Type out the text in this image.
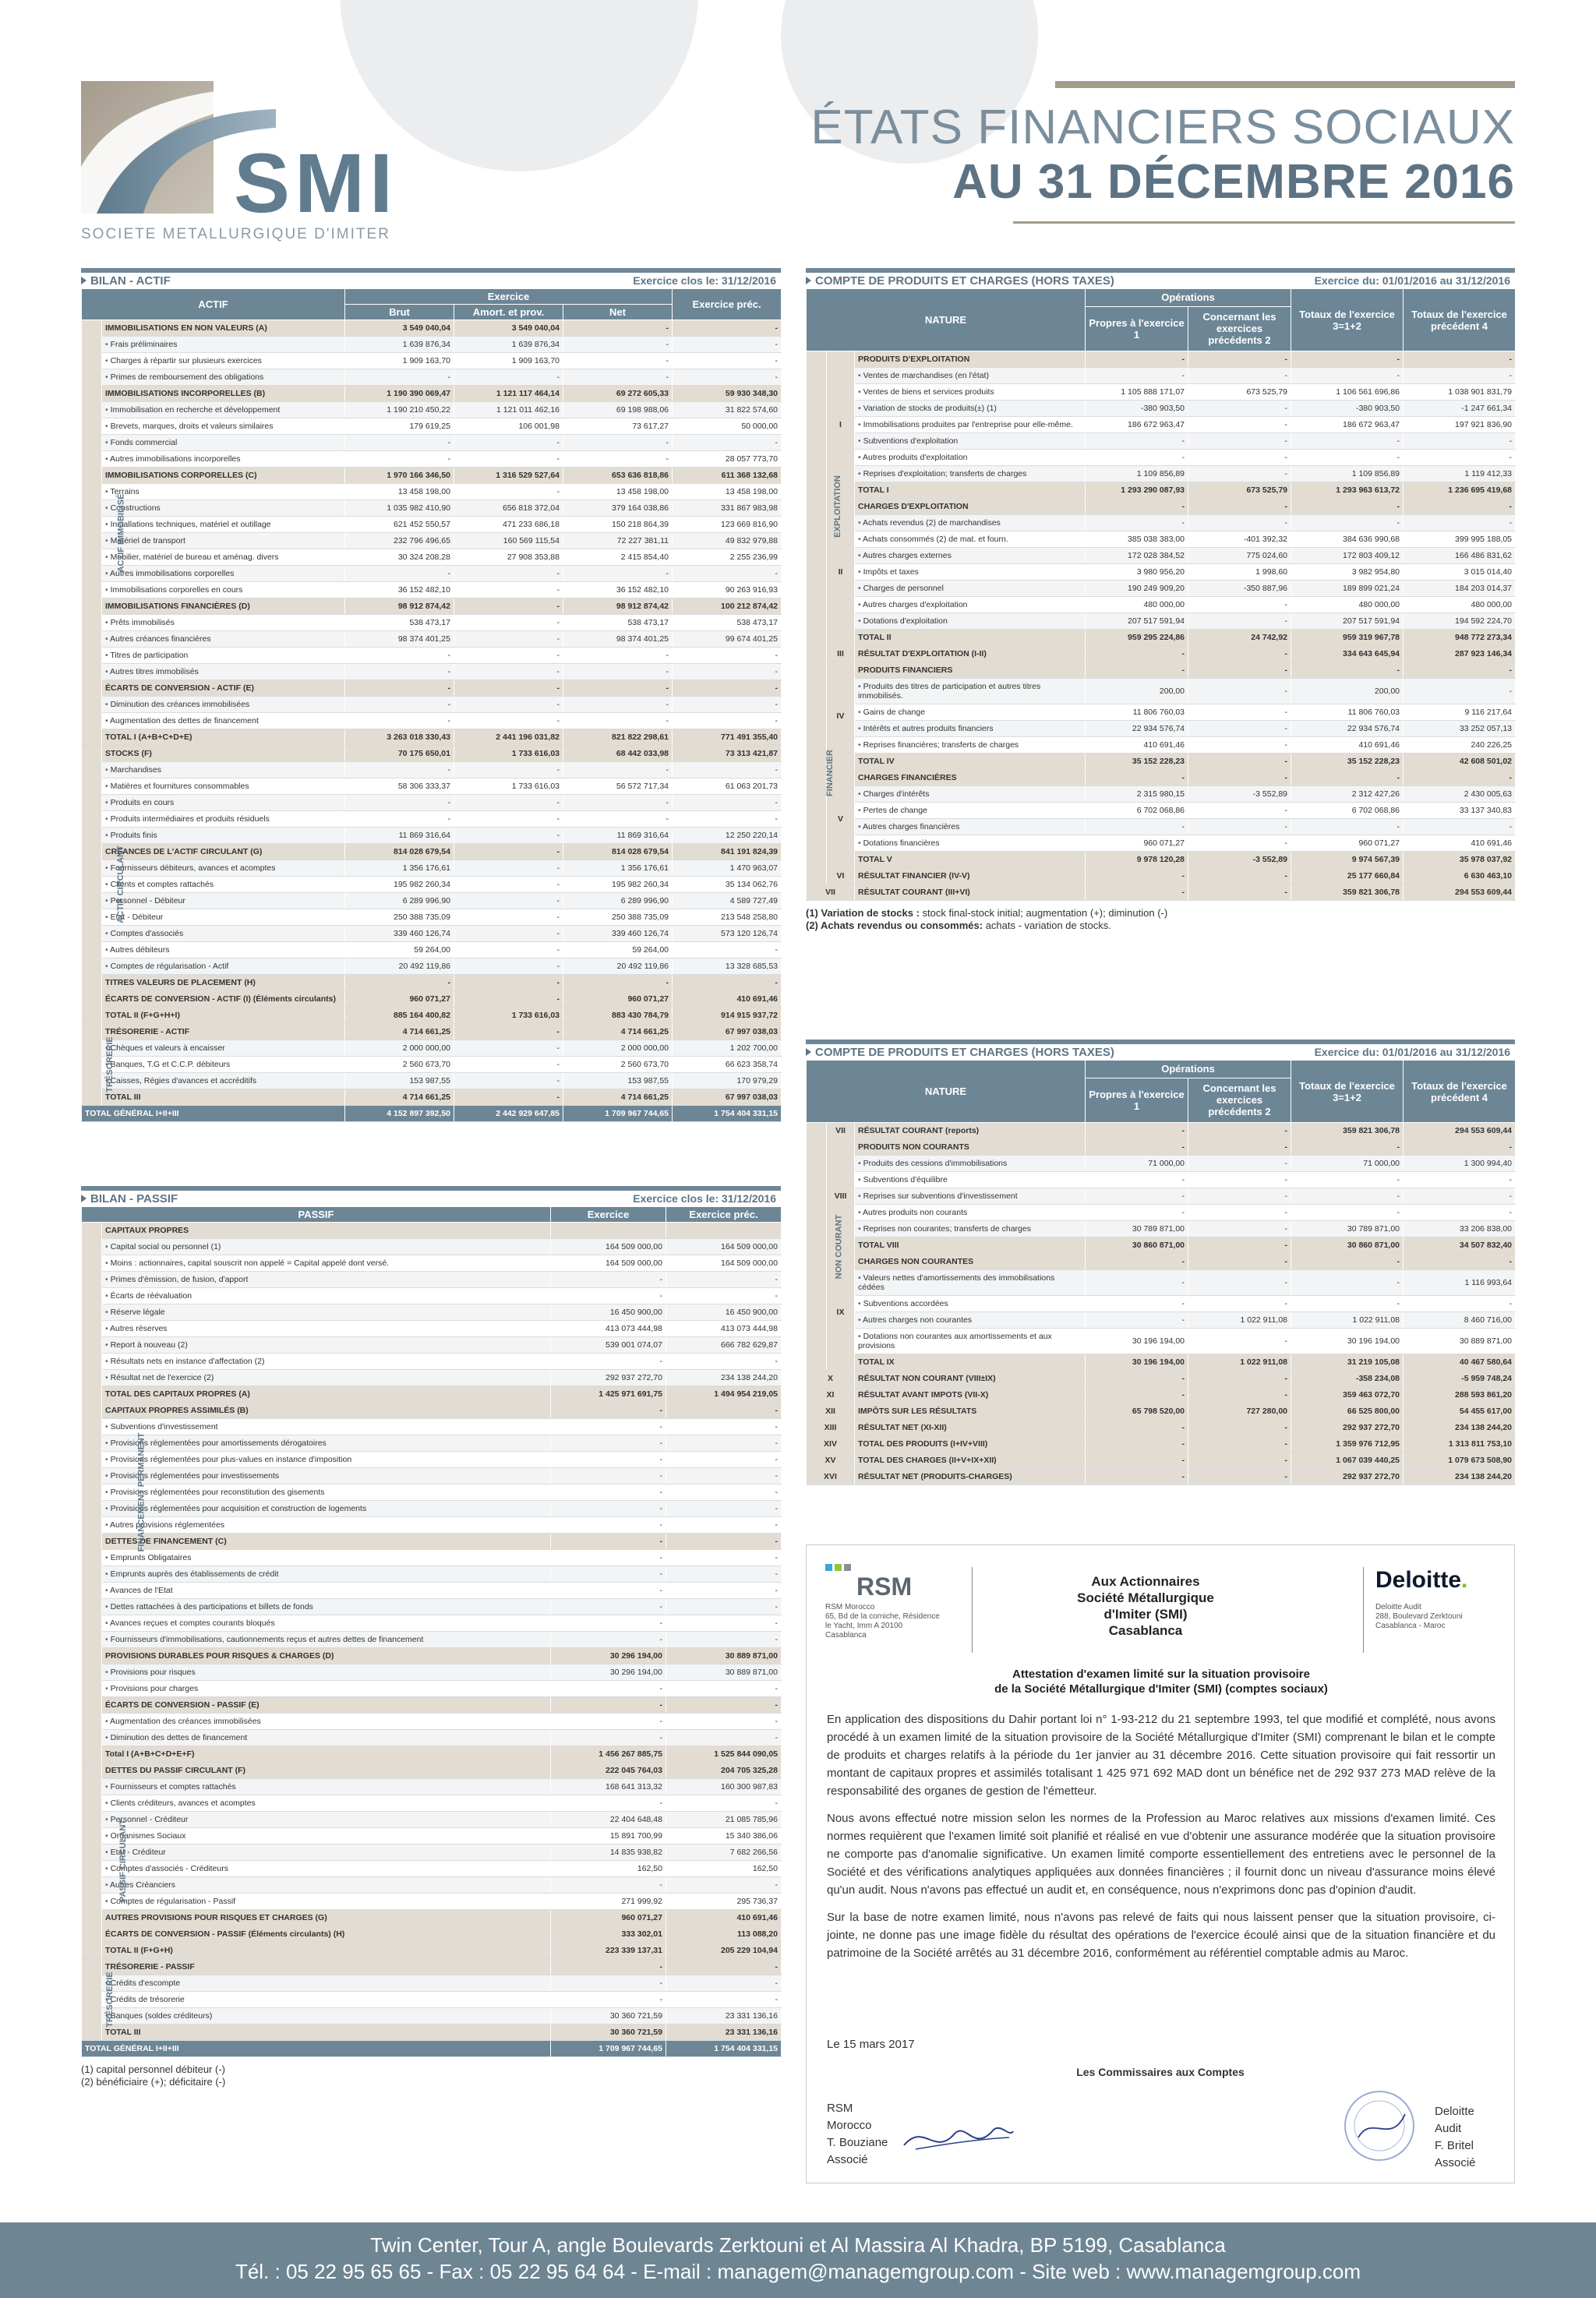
SMI
SOCIETE METALLURGIQUE D'IMITER
ÉTATS FINANCIERS SOCIAUX
AU 31 DÉCEMBRE 2016
BILAN - ACTIF	Exercice clos le: 31/12/2016
ACTIF		Exercice			Exercice préc.
		Brut	Amort. et prov.	Net	
ACTIF IMMOBILISÉ	IMMOBILISATIONS EN NON VALEURS (A)	3 549 040,04	3 549 040,04	-	-
	• Frais préliminaires	1 639 876,34	1 639 876,34	-	-
	• Charges à répartir sur plusieurs exercices	1 909 163,70	1 909 163,70	-	-
	• Primes de remboursement des obligations	-	-	-	-
	IMMOBILISATIONS INCORPORELLES (B)	1 190 390 069,47	1 121 117 464,14	69 272 605,33	59 930 348,30
	• Immobilisation en recherche et développement	1 190 210 450,22	1 121 011 462,16	69 198 988,06	31 822 574,60
	• Brevets, marques, droits et valeurs similaires	179 619,25	106 001,98	73 617,27	50 000,00
	• Fonds commercial	-	-	-	-
	• Autres immobilisations incorporelles	-	-	-	28 057 773,70
	IMMOBILISATIONS CORPORELLES (C)	1 970 166 346,50	1 316 529 527,64	653 636 818,86	611 368 132,68
	• Terrains	13 458 198,00	-	13 458 198,00	13 458 198,00
	• Constructions	1 035 982 410,90	656 818 372,04	379 164 038,86	331 867 983,98
	• Installations techniques, matériel et outillage	621 452 550,57	471 233 686,18	150 218 864,39	123 669 816,90
	• Matériel de transport	232 796 496,65	160 569 115,54	72 227 381,11	49 832 979,88
	• Mobilier, matériel de bureau et aménag. divers	30 324 208,28	27 908 353,88	2 415 854,40	2 255 236,99
	• Autres immobilisations corporelles	-	-	-	-
	• Immobilisations corporelles en cours	36 152 482,10	-	36 152 482,10	90 263 916,93
	IMMOBILISATIONS FINANCIÈRES (D)	98 912 874,42	-	98 912 874,42	100 212 874,42
	• Prêts immobilisés	538 473,17	-	538 473,17	538 473,17
	• Autres créances financières	98 374 401,25	-	98 374 401,25	99 674 401,25
	• Titres de participation	-	-	-	-
	• Autres titres immobilisés	-	-	-	-
	ÉCARTS DE CONVERSION - ACTIF (E)	-	-	-	-
	• Diminution des créances immobilisées	-	-	-	-
	• Augmentation des dettes de financement	-	-	-	-
	TOTAL I (A+B+C+D+E)	3 263 018 330,43	2 441 196 031,82	821 822 298,61	771 491 355,40
ACTIF CIRCULANT	STOCKS (F)	70 175 650,01	1 733 616,03	68 442 033,98	73 313 421,87
	• Marchandises	-	-	-	-
	• Matières et fournitures consommables	58 306 333,37	1 733 616,03	56 572 717,34	61 063 201,73
	• Produits en cours	-	-	-	-
	• Produits intermédiaires et produits résiduels	-	-	-	-
	• Produits finis	11 869 316,64	-	11 869 316,64	12 250 220,14
	CRÉANCES DE L'ACTIF CIRCULANT (G)	814 028 679,54	-	814 028 679,54	841 191 824,39
	• Fournisseurs débiteurs, avances et acomptes	1 356 176,61	-	1 356 176,61	1 470 963,07
	• Clients et comptes rattachés	195 982 260,34	-	195 982 260,34	35 134 062,76
	• Personnel - Débiteur	6 289 996,90	-	6 289 996,90	4 589 727,49
	• Etat - Débiteur	250 388 735,09	-	250 388 735,09	213 548 258,80
	• Comptes d'associés	339 460 126,74	-	339 460 126,74	573 120 126,74
	• Autres débiteurs	59 264,00	-	59 264,00	-
	• Comptes de régularisation - Actif	20 492 119,86	-	20 492 119,86	13 328 685,53
	TITRES VALEURS DE PLACEMENT (H)	-	-	-	-
	ÉCARTS DE CONVERSION - ACTIF (I) (Éléments circulants)	960 071,27	-	960 071,27	410 691,46
	TOTAL II (F+G+H+I)	885 164 400,82	1 733 616,03	883 430 784,79	914 915 937,72
TRÉSORERIE	TRÉSORERIE - ACTIF	4 714 661,25	-	4 714 661,25	67 997 038,03
	• Chèques et valeurs à encaisser	2 000 000,00	-	2 000 000,00	1 202 700,00
	• Banques, T.G et C.C.P. débiteurs	2 560 673,70	-	2 560 673,70	66 623 358,74
	• Caisses, Régies d'avances et accréditifs	153 987,55	-	153 987,55	170 979,29
	TOTAL III	4 714 661,25	-	4 714 661,25	67 997 038,03
TOTAL GÉNÉRAL I+II+III		4 152 897 392,50	2 442 929 647,85	1 709 967 744,65	1 754 404 331,15
BILAN - PASSIF	Exercice clos le: 31/12/2016
PASSIF		Exercice	Exercice préc.
FINANCEMENT PERMANENT	CAPITAUX PROPRES		
	• Capital social ou personnel (1)	164 509 000,00	164 509 000,00
	• Moins : actionnaires, capital souscrit non appelé = Capital appelé dont versé.	164 509 000,00	164 509 000,00
	• Primes d'émission, de fusion, d'apport	-	-
	• Écarts de réévaluation	-	-
	• Réserve légale	16 450 900,00	16 450 900,00
	• Autres réserves	413 073 444,98	413 073 444,98
	• Report à nouveau (2)	539 001 074,07	666 782 629,87
	• Résultats nets en instance d'affectation (2)	-	-
	• Résultat net de l'exercice (2)	292 937 272,70	234 138 244,20
	TOTAL DES CAPITAUX PROPRES (A)	1 425 971 691,75	1 494 954 219,05
	CAPITAUX PROPRES ASSIMILÉS (B)	-	-
	• Subventions d'investissement	-	-
	• Provisions réglementées pour amortissements dérogatoires	-	-
	• Provisions réglementées pour plus-values en instance d'imposition	-	-
	• Provisions réglementées pour investissements	-	-
	• Provisions réglementées pour reconstitution des gisements	-	-
	• Provisions réglementées pour acquisition et construction de logements	-	-
	• Autres provisions réglementées	-	-
	DETTES DE FINANCEMENT (C)	-	-
	• Emprunts Obligataires	-	-
	• Emprunts auprès des établissements de crédit	-	-
	• Avances de l'Etat	-	-
	• Dettes rattachées à des participations et billets de fonds	-	-
	• Avances reçues et comptes courants bloqués	-	-
	• Fournisseurs d'immobilisations, cautionnements reçus et autres dettes de financement	-	-
	PROVISIONS DURABLES POUR RISQUES & CHARGES (D)	30 296 194,00	30 889 871,00
	• Provisions pour risques	30 296 194,00	30 889 871,00
	• Provisions pour charges	-	-
	ÉCARTS DE CONVERSION - PASSIF (E)	-	-
	• Augmentation des créances immobilisées	-	-
	• Diminution des dettes de financement	-	-
	Total I (A+B+C+D+E+F)	1 456 267 885,75	1 525 844 090,05
PASSIF CIRCULANT	DETTES DU PASSIF CIRCULANT (F)	222 045 764,03	204 705 325,28
	• Fournisseurs et comptes rattachés	168 641 313,32	160 300 987,83
	• Clients créditeurs, avances et acomptes	-	-
	• Personnel - Créditeur	22 404 648,48	21 085 785,96
	• Organismes Sociaux	15 891 700,99	15 340 386,06
	• Etat - Créditeur	14 835 938,82	7 682 266,56
	• Comptes d'associés - Créditeurs	162,50	162,50
	• Autres Créanciers	-	-
	• Comptes de régularisation - Passif	271 999,92	295 736,37
	AUTRES PROVISIONS POUR RISQUES ET CHARGES (G)	960 071,27	410 691,46
	ÉCARTS DE CONVERSION - PASSIF (Éléments circulants) (H)	333 302,01	113 088,20
	TOTAL II (F+G+H)	223 339 137,31	205 229 104,94
TRÉSORERIE	TRÉSORERIE - PASSIF	-	-
	• Crédits d'escompte	-	-
	• Crédits de trésorerie	-	-
	• Banques (soldes créditeurs)	30 360 721,59	23 331 136,16
	TOTAL III	30 360 721,59	23 331 136,16
TOTAL GÉNÉRAL I+II+III		1 709 967 744,65	1 754 404 331,15
(1) capital personnel débiteur (-)
(2) bénéficiaire (+); déficitaire (-)
COMPTE DE PRODUITS ET CHARGES (HORS TAXES)	Exercice du: 01/01/2016 au 31/12/2016
NATURE			Opérations		Totaux de l'exercice 3=1+2	Totaux de l'exercice précédent 4
			Propres à l'exercice 1	Concernant les exercices précédents 2		
EXPLOITATION	I	PRODUITS D'EXPLOITATION	-	-	-	-
		• Ventes de marchandises (en l'état)	-	-	-	-
		• Ventes de biens et services produits	1 105 888 171,07	673 525,79	1 106 561 696,86	1 038 901 831,79
		• Variation de stocks de produits(±) (1)	-380 903,50	-	-380 903,50	-1 247 661,34
		• Immobilisations produites par l'entreprise pour elle-même.	186 672 963,47	-	186 672 963,47	197 921 836,90
		• Subventions d'exploitation	-	-	-	-
		• Autres produits d'exploitation	-	-	-	-
		• Reprises d'exploitation; transferts de charges	1 109 856,89	-	1 109 856,89	1 119 412,33
		TOTAL I	1 293 290 087,93	673 525,79	1 293 963 613,72	1 236 695 419,68
	II	CHARGES D'EXPLOITATION	-	-	-	-
		• Achats revendus (2) de marchandises	-	-	-	-
		• Achats consommés (2) de mat. et fourn.	385 038 383,00	-401 392,32	384 636 990,68	399 995 188,05
		• Autres charges externes	172 028 384,52	775 024,60	172 803 409,12	166 486 831,62
		• Impôts et taxes	3 980 956,20	1 998,60	3 982 954,80	3 015 014,40
		• Charges de personnel	190 249 909,20	-350 887,96	189 899 021,24	184 203 014,37
		• Autres charges d'exploitation	480 000,00	-	480 000,00	480 000,00
		• Dotations d'exploitation	207 517 591,94	-	207 517 591,94	194 592 224,70
		TOTAL II	959 295 224,86	24 742,92	959 319 967,78	948 772 273,34
	III	RÉSULTAT D'EXPLOITATION (I-II)	-	-	334 643 645,94	287 923 146,34
FINANCIER	IV	PRODUITS FINANCIERS	-	-	-	-
		• Produits des titres de participation et autres titres immobilisés.	200,00	-	200,00	-
		• Gains de change	11 806 760,03	-	11 806 760,03	9 116 217,64
		• Intérêts et autres produits financiers	22 934 576,74	-	22 934 576,74	33 252 057,13
		• Reprises financières; transferts de charges	410 691,46	-	410 691,46	240 226,25
		TOTAL IV	35 152 228,23	-	35 152 228,23	42 608 501,02
	V	CHARGES FINANCIÈRES	-	-	-	-
		• Charges d'intérêts	2 315 980,15	-3 552,89	2 312 427,26	2 430 005,63
		• Pertes de change	6 702 068,86	-	6 702 068,86	33 137 340,83
		• Autres charges financières	-	-	-	-
		• Dotations financières	960 071,27	-	960 071,27	410 691,46
		TOTAL V	9 978 120,28	-3 552,89	9 974 567,39	35 978 037,92
	VI	RÉSULTAT FINANCIER (IV-V)	-	-	25 177 660,84	6 630 463,10
VII		RÉSULTAT COURANT (III+VI)	-	-	359 821 306,78	294 553 609,44
(1) Variation de stocks : stock final-stock initial; augmentation (+); diminution (-)
(2) Achats revendus ou consommés: achats - variation de stocks.
COMPTE DE PRODUITS ET CHARGES (HORS TAXES)	Exercice du: 01/01/2016 au 31/12/2016
NATURE			Opérations		Totaux de l'exercice 3=1+2	Totaux de l'exercice précédent 4
			Propres à l'exercice 1	Concernant les exercices précédents 2		
NON COURANT	VII	RÉSULTAT COURANT (reports)	-	-	359 821 306,78	294 553 609,44
	VIII	PRODUITS NON COURANTS	-	-	-	-
		• Produits des cessions d'immobilisations	71 000,00	-	71 000,00	1 300 994,40
		• Subventions d'équilibre	-	-	-	-
		• Reprises sur subventions d'investissement	-	-	-	-
		• Autres produits non courants	-	-	-	-
		• Reprises non courantes; transferts de charges	30 789 871,00	-	30 789 871,00	33 206 838,00
		TOTAL VIII	30 860 871,00	-	30 860 871,00	34 507 832,40
	IX	CHARGES NON COURANTES	-	-	-	-
		• Valeurs nettes d'amortissements des immobilisations cédées	-	-	-	1 116 993,64
		• Subventions accordées	-	-	-	-
		• Autres charges non courantes	-	1 022 911,08	1 022 911,08	8 460 716,00
		• Dotations non courantes aux amortissements et aux provisions	30 196 194,00	-	30 196 194,00	30 889 871,00
		TOTAL IX	30 196 194,00	1 022 911,08	31 219 105,08	40 467 580,64
X		RÉSULTAT NON COURANT (VIII±IX)	-	-	-358 234,08	-5 959 748,24
XI		RÉSULTAT AVANT IMPOTS (VII-X)	-	-	359 463 072,70	288 593 861,20
XII		IMPÔTS SUR LES RÉSULTATS	65 798 520,00	727 280,00	66 525 800,00	54 455 617,00
XIII		RÉSULTAT NET (XI-XII)	-	-	292 937 272,70	234 138 244,20
XIV		TOTAL DES PRODUITS (I+IV+VIII)	-	-	1 359 976 712,95	1 313 811 753,10
XV		TOTAL DES CHARGES (II+V+IX+XII)	-	-	1 067 039 440,25	1 079 673 508,90
XVI		RÉSULTAT NET (PRODUITS-CHARGES)	-	-	292 937 272,70	234 138 244,20
RSM
RSM Morocco
65, Bd de la corniche, Résidence
le Yacht, Imm A 20100
Casablanca
Aux Actionnaires
Société Métallurgique
d'Imiter (SMI)
Casablanca
Deloitte.
Deloitte Audit
288, Boulevard Zerktouni
Casablanca - Maroc
Attestation d'examen limité sur la situation provisoire
de la Société Métallurgique d'Imiter (SMI) (comptes sociaux)

En application des dispositions du Dahir portant loi n° 1-93-212 du 21 septembre 1993, tel que modifié et complété, nous avons procédé à un examen limité de la situation provisoire de la Société Métallurgique d'Imiter (SMI) comprenant le bilan et le compte de produits et charges relatifs à la période du 1er janvier au 31 décembre 2016. Cette situation provisoire qui fait ressortir un montant de capitaux propres et assimilés totalisant 1 425 971 692 MAD dont un bénéfice net de 292 937 273 MAD relève de la responsabilité des organes de gestion de l'émetteur.

Nous avons effectué notre mission selon les normes de la Profession au Maroc relatives aux missions d'examen limité. Ces normes requièrent que l'examen limité soit planifié et réalisé en vue d'obtenir une assurance modérée que la situation provisoire ne comporte pas d'anomalie significative. Un examen limité comporte essentiellement des entretiens avec le personnel de la Société et des vérifications analytiques appliquées aux données financières ; il fournit donc un niveau d'assurance moins élevé qu'un audit. Nous n'avons pas effectué un audit et, en conséquence, nous n'exprimons donc pas d'opinion d'audit.

Sur la base de notre examen limité, nous n'avons pas relevé de faits qui nous laissent penser que la situation provisoire, ci-jointe, ne donne pas une image fidèle du résultat des opérations de l'exercice écoulé ainsi que de la situation financière et du patrimoine de la Société arrêtés au 31 décembre 2016, conformément au référentiel comptable admis au Maroc.

Le 15 mars 2017
Les Commissaires aux Comptes
RSM
Morocco
T. Bouziane
Associé
Deloitte
Audit
F. Britel
Associé
Twin Center, Tour A, angle Boulevards Zerktouni et Al Massira Al Khadra, BP 5199, Casablanca
Tél. : 05 22 95 65 65 - Fax : 05 22 95 64 64 - E-mail : managem@managemgroup.com - Site web : www.managemgroup.com
